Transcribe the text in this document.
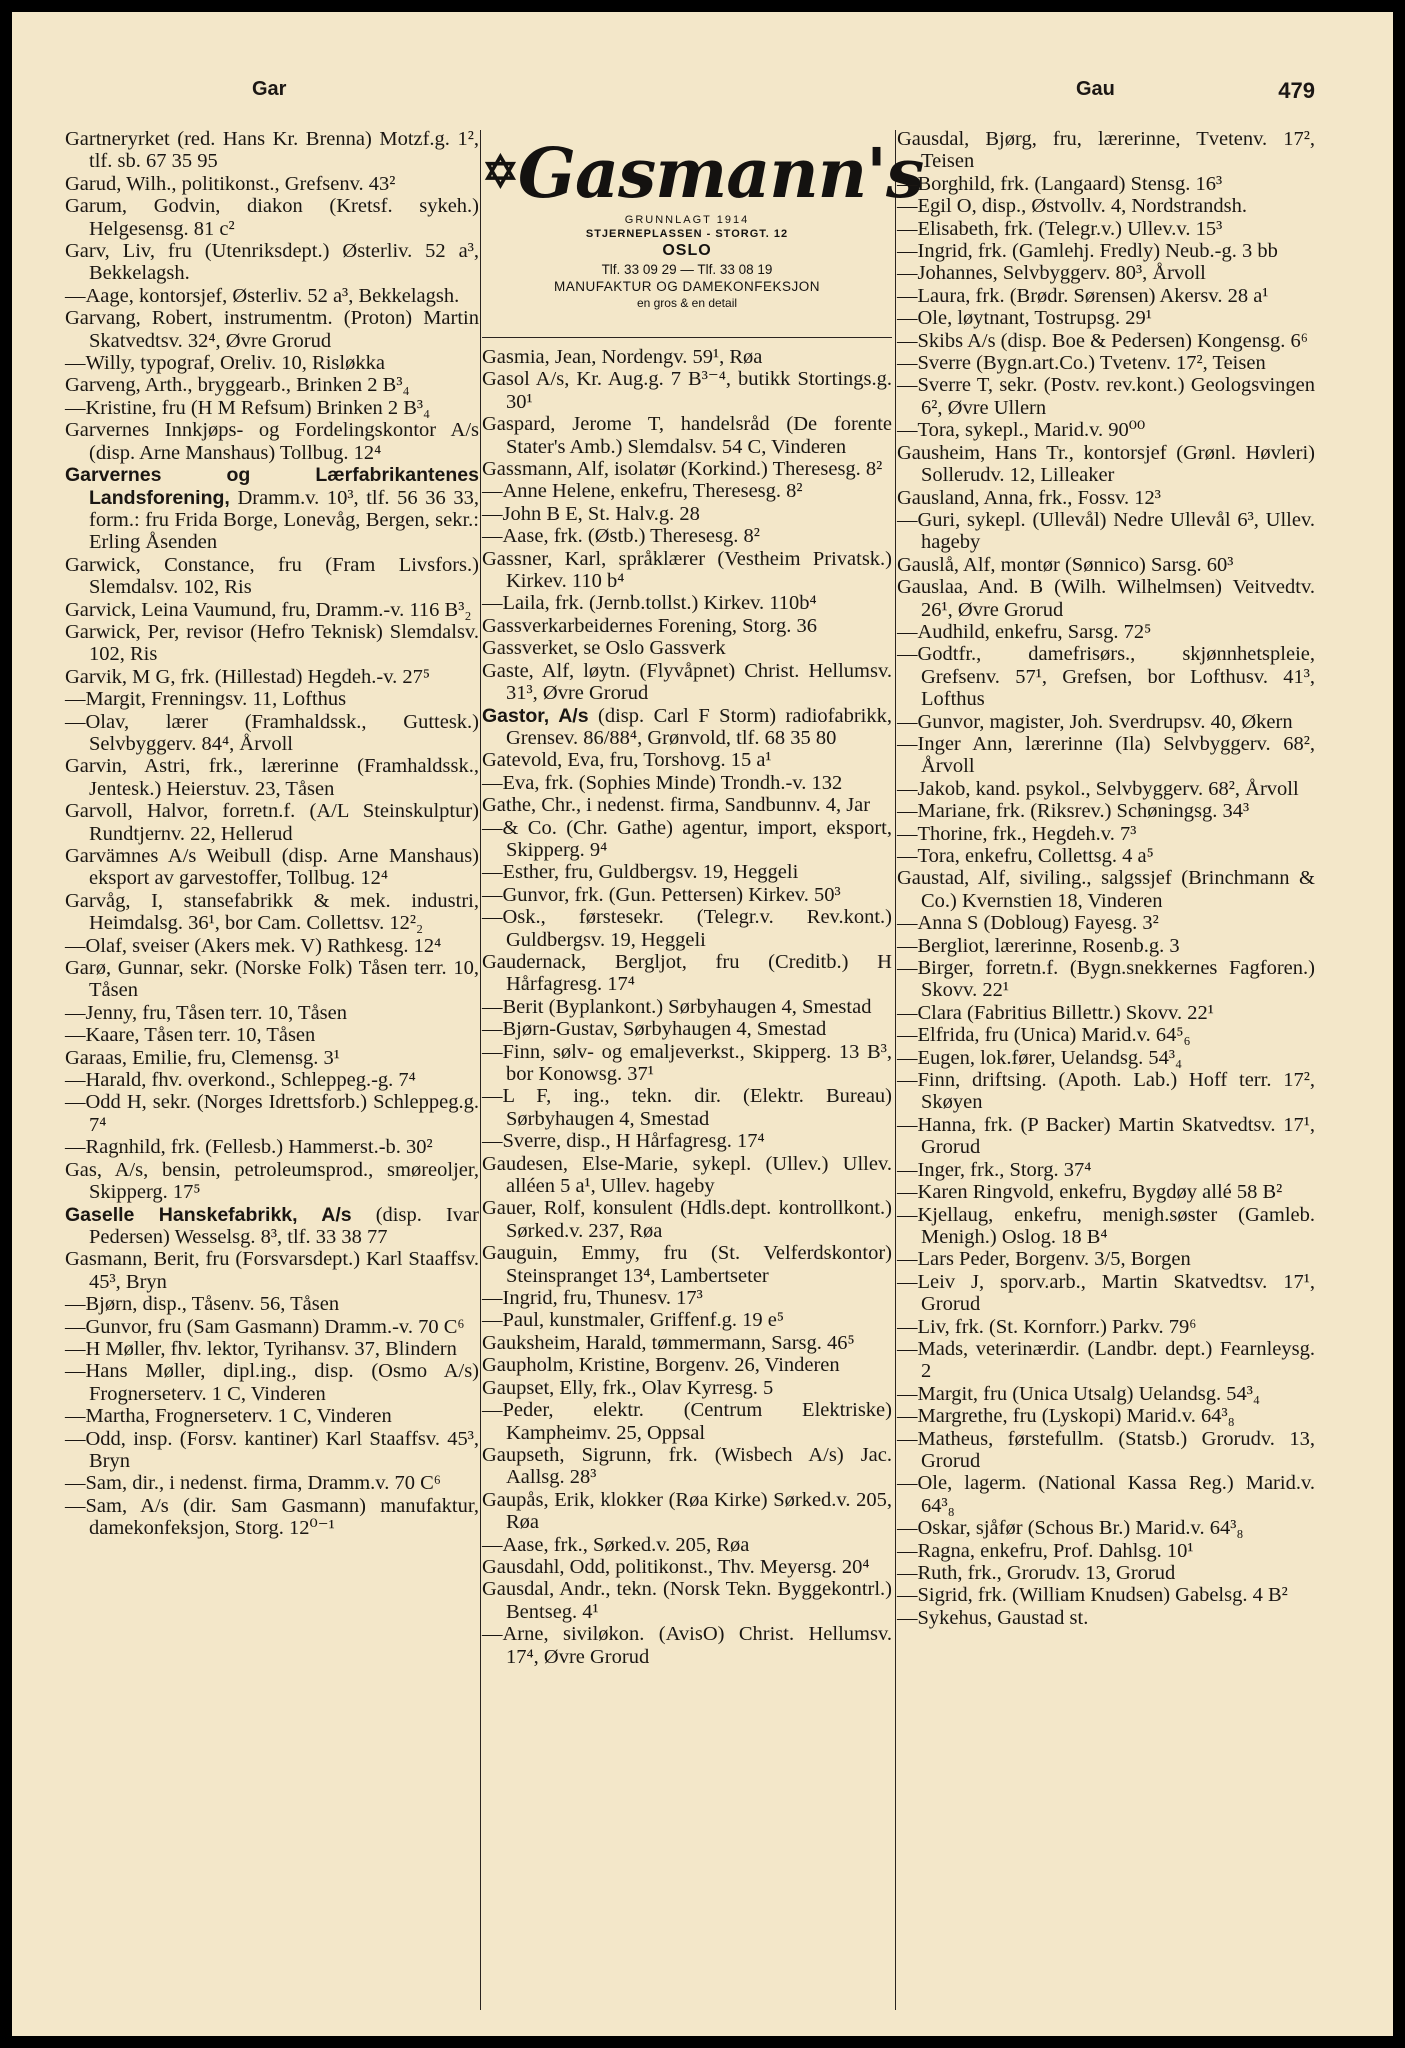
Gar	Gau	479

Gartneryrket (red. Hans Kr. Brenna) Motzf.g. 1², tlf. sb. 67 35 95

Garud, Wilh., politikonst., Grefsenv. 43²

Garum, Godvin, diakon (Kretsf. sykeh.) Helgesensg. 81 c²

Garv, Liv, fru (Utenriksdept.) Østerliv. 52 a³, Bekkelagsh.

—Aage, kontorsjef, Østerliv. 52 a³, Bekkelagsh.

Garvang, Robert, instrumentm. (Proton) Martin Skatvedtsv. 32⁴, Øvre Grorud

—Willy, typograf, Oreliv. 10, Risløkka

Garveng, Arth., bryggearb., Brinken 2 B³₄

—Kristine, fru (H M Refsum) Brinken 2 B³₄

Garvernes Innkjøps- og Fordelingskontor A/s (disp. Arne Manshaus) Tollbug. 12⁴

Garvernes og Lærfabrikantenes Landsforening, Dramm.v. 10³, tlf. 56 36 33, form.: fru Frida Borge, Lonevåg, Bergen, sekr.: Erling Åsenden

Garwick, Constance, fru (Fram Livsfors.) Slemdalsv. 102, Ris

Garvick, Leina Vaumund, fru, Dramm.-v. 116 B³₂

Garwick, Per, revisor (Hefro Teknisk) Slemdalsv. 102, Ris

Garvik, M G, frk. (Hillestad) Hegdeh.-v. 27⁵

—Margit, Frenningsv. 11, Lofthus

—Olav, lærer (Framhaldssk., Guttesk.) Selvbyggerv. 84⁴, Årvoll

Garvin, Astri, frk., lærerinne (Framhaldssk., Jentesk.) Heierstuv. 23, Tåsen

Garvoll, Halvor, forretn.f. (A/L Steinskulptur) Rundtjernv. 22, Hellerud

Garvämnes A/s Weibull (disp. Arne Manshaus) eksport av garvestoffer, Tollbug. 12⁴

Garvåg, I, stansefabrikk & mek. industri, Heimdalsg. 36¹, bor Cam. Collettsv. 12²₂

—Olaf, sveiser (Akers mek. V) Rathkesg. 12⁴

Garø, Gunnar, sekr. (Norske Folk) Tåsen terr. 10, Tåsen

—Jenny, fru, Tåsen terr. 10, Tåsen

—Kaare, Tåsen terr. 10, Tåsen

Garaas, Emilie, fru, Clemensg. 3¹

—Harald, fhv. overkond., Schleppeg.-g. 7⁴

—Odd H, sekr. (Norges Idrettsforb.) Schleppeg.g. 7⁴

—Ragnhild, frk. (Fellesb.) Hammerst.-b. 30²

Gas, A/s, bensin, petroleumsprod., smøreoljer, Skipperg. 17⁵

Gaselle Hanskefabrikk, A/s (disp. Ivar Pedersen) Wesselsg. 8³, tlf. 33 38 77

Gasmann, Berit, fru (Forsvarsdept.) Karl Staaffsv. 45³, Bryn

—Bjørn, disp., Tåsenv. 56, Tåsen

—Gunvor, fru (Sam Gasmann) Dramm.-v. 70 C⁶

—H Møller, fhv. lektor, Tyrihansv. 37, Blindern

—Hans Møller, dipl.ing., disp. (Osmo A/s) Frognerseterv. 1 C, Vinderen

—Martha, Frognerseterv. 1 C, Vinderen

—Odd, insp. (Forsv. kantiner) Karl Staaffsv. 45³, Bryn

—Sam, dir., i nedenst. firma, Dramm.v. 70 C⁶

—Sam, A/s (dir. Sam Gasmann) manufaktur, damekonfeksjon, Storg. 12⁰⁻¹

✡Gasmann's
GRUNNLAGT 1914
STJERNEPLASSEN - STORGT. 12
OSLO
Tlf. 33 09 29 — Tlf. 33 08 19
MANUFAKTUR OG DAMEKONFEKSJON
en gros & en detail

Gasmia, Jean, Nordengv. 59¹, Røa

Gasol A/s, Kr. Aug.g. 7 B³⁻⁴, butikk Stortings.g. 30¹

Gaspard, Jerome T, handelsråd (De forente Stater's Amb.) Slemdalsv. 54 C, Vinderen

Gassmann, Alf, isolatør (Korkind.) Theresesg. 8²

—Anne Helene, enkefru, Theresesg. 8²

—John B E, St. Halv.g. 28

—Aase, frk. (Østb.) Theresesg. 8²

Gassner, Karl, språklærer (Vestheim Privatsk.) Kirkev. 110 b⁴

—Laila, frk. (Jernb.tollst.) Kirkev. 110b⁴

Gassverkarbeidernes Forening, Storg. 36

Gassverket, se Oslo Gassverk

Gaste, Alf, løytn. (Flyvåpnet) Christ. Hellumsv. 31³, Øvre Grorud

Gastor, A/s (disp. Carl F Storm) radiofabrikk, Grensev. 86/88⁴, Grønvold, tlf. 68 35 80

Gatevold, Eva, fru, Torshovg. 15 a¹

—Eva, frk. (Sophies Minde) Trondh.-v. 132

Gathe, Chr., i nedenst. firma, Sandbunnv. 4, Jar

—& Co. (Chr. Gathe) agentur, import, eksport, Skipperg. 9⁴

—Esther, fru, Guldbergsv. 19, Heggeli

—Gunvor, frk. (Gun. Pettersen) Kirkev. 50³

—Osk., førstesekr. (Telegr.v. Rev.kont.) Guldbergsv. 19, Heggeli

Gaudernack, Bergljot, fru (Creditb.) H Hårfagresg. 17⁴

—Berit (Byplankont.) Sørbyhaugen 4, Smestad

—Bjørn-Gustav, Sørbyhaugen 4, Smestad

—Finn, sølv- og emaljeverkst., Skipperg. 13 B³, bor Konowsg. 37¹

—L F, ing., tekn. dir. (Elektr. Bureau) Sørbyhaugen 4, Smestad

—Sverre, disp., H Hårfagresg. 17⁴

Gaudesen, Else-Marie, sykepl. (Ullev.) Ullev. alléen 5 a¹, Ullev. hageby

Gauer, Rolf, konsulent (Hdls.dept. kontrollkont.) Sørked.v. 237, Røa

Gauguin, Emmy, fru (St. Velferdskontor) Steinspranget 13⁴, Lambertseter

—Ingrid, fru, Thunesv. 17³

—Paul, kunstmaler, Griffenf.g. 19 e⁵

Gauksheim, Harald, tømmermann, Sarsg. 46⁵

Gaupholm, Kristine, Borgenv. 26, Vinderen

Gaupset, Elly, frk., Olav Kyrresg. 5

—Peder, elektr. (Centrum Elektriske) Kampheimv. 25, Oppsal

Gaupseth, Sigrunn, frk. (Wisbech A/s) Jac. Aallsg. 28³

Gaupås, Erik, klokker (Røa Kirke) Sørked.v. 205, Røa

—Aase, frk., Sørked.v. 205, Røa

Gausdahl, Odd, politikonst., Thv. Meyersg. 20⁴

Gausdal, Andr., tekn. (Norsk Tekn. Byggekontrl.) Bentseg. 4¹

—Arne, siviløkon. (AvisO) Christ. Hellumsv. 17⁴, Øvre Grorud

Gausdal, Bjørg, fru, lærerinne, Tvetenv. 17², Teisen

—Borghild, frk. (Langaard) Stensg. 16³

—Egil O, disp., Østvollv. 4, Nordstrandsh.

—Elisabeth, frk. (Telegr.v.) Ullev.v. 15³

—Ingrid, frk. (Gamlehj. Fredly) Neub.-g. 3 bb

—Johannes, Selvbyggerv. 80³, Årvoll

—Laura, frk. (Brødr. Sørensen) Akersv. 28 a¹

—Ole, løytnant, Tostrupsg. 29¹

—Skibs A/s (disp. Boe & Pedersen) Kongensg. 6⁶

—Sverre (Bygn.art.Co.) Tvetenv. 17², Teisen

—Sverre T, sekr. (Postv. rev.kont.) Geologsvingen 6², Øvre Ullern

—Tora, sykepl., Marid.v. 90⁰⁰

Gausheim, Hans Tr., kontorsjef (Grønl. Høvleri) Sollerudv. 12, Lilleaker

Gausland, Anna, frk., Fossv. 12³

—Guri, sykepl. (Ullevål) Nedre Ullevål 6³, Ullev. hageby

Gauslå, Alf, montør (Sønnico) Sarsg. 60³

Gauslaa, And. B (Wilh. Wilhelmsen) Veitvedtv. 26¹, Øvre Grorud

—Audhild, enkefru, Sarsg. 72⁵

—Godtfr., damefrisørs., skjønnhetspleie, Grefsenv. 57¹, Grefsen, bor Lofthusv. 41³, Lofthus

—Gunvor, magister, Joh. Sverdrupsv. 40, Økern

—Inger Ann, lærerinne (Ila) Selvbyggerv. 68², Årvoll

—Jakob, kand. psykol., Selvbyggerv. 68², Årvoll

—Mariane, frk. (Riksrev.) Schøningsg. 34³

—Thorine, frk., Hegdeh.v. 7³

—Tora, enkefru, Collettsg. 4 a⁵

Gaustad, Alf, siviling., salgssjef (Brinchmann & Co.) Kvernstien 18, Vinderen

—Anna S (Dobloug) Fayesg. 3²

—Bergliot, lærerinne, Rosenb.g. 3

—Birger, forretn.f. (Bygn.snekkernes Fagforen.) Skovv. 22¹

—Clara (Fabritius Billettr.) Skovv. 22¹

—Elfrida, fru (Unica) Marid.v. 64⁵₆

—Eugen, lok.fører, Uelandsg. 54³₄

—Finn, driftsing. (Apoth. Lab.) Hoff terr. 17², Skøyen

—Hanna, frk. (P Backer) Martin Skatvedtsv. 17¹, Grorud

—Inger, frk., Storg. 37⁴

—Karen Ringvold, enkefru, Bygdøy allé 58 B²

—Kjellaug, enkefru, menigh.søster (Gamleb. Menigh.) Oslog. 18 B⁴

—Lars Peder, Borgenv. 3/5, Borgen

—Leiv J, sporv.arb., Martin Skatvedtsv. 17¹, Grorud

—Liv, frk. (St. Kornforr.) Parkv. 79⁶

—Mads, veterinærdir. (Landbr. dept.) Fearnleysg. 2

—Margit, fru (Unica Utsalg) Uelandsg. 54³₄

—Margrethe, fru (Lyskopi) Marid.v. 64³₈

—Matheus, førstefullm. (Statsb.) Grorudv. 13, Grorud

—Ole, lagerm. (National Kassa Reg.) Marid.v. 64³₈

—Oskar, sjåfør (Schous Br.) Marid.v. 64³₈

—Ragna, enkefru, Prof. Dahlsg. 10¹

—Ruth, frk., Grorudv. 13, Grorud

—Sigrid, frk. (William Knudsen) Gabelsg. 4 B²

—Sykehus, Gaustad st.
